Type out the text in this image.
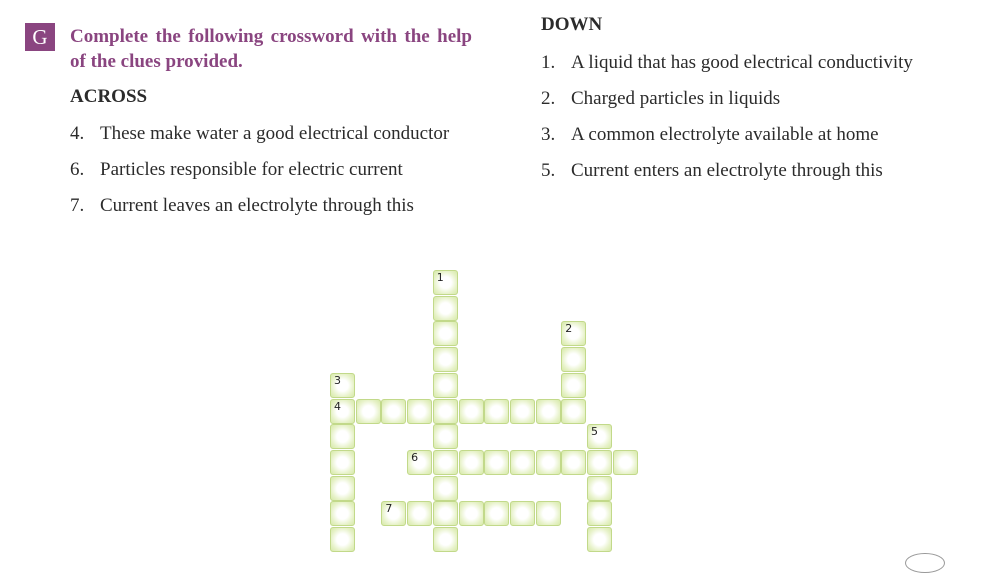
G	Complete the following crossword with the help of the clues provided.
ACROSS
4. These make water a good electrical conductor
6. Particles responsible for electric current
7. Current leaves an electrolyte through this
DOWN
1. A liquid that has good electrical conductivity
2. Charged particles in liquids
3. A common electrolyte available at home
5. Current enters an electrolyte through this
1
2
3
4
5
6
7
